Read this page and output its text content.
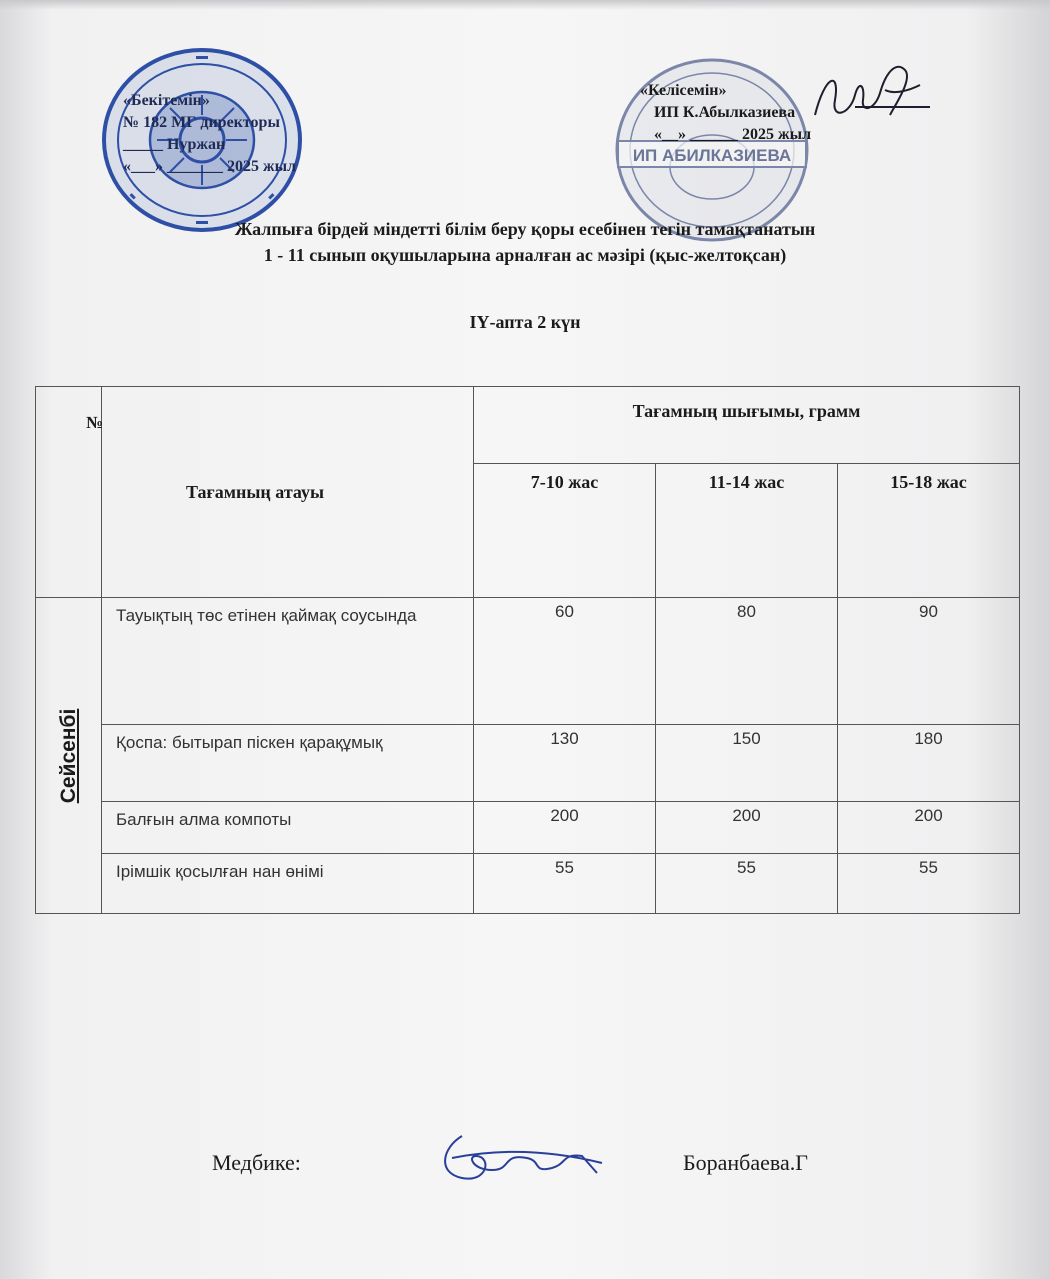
ИП АБИЛКАЗИЕВА
«Бекітемін»
№ 182 МГ директоры
_____ Нуржан
«___» _______ 2025 жыл
«Келісемін»
ИП К.Абылказиева
«__» ______ 2025 жыл
Жалпыға бірдей міндетті білім беру қоры есебінен тегін тамақтанатын
1 - 11 сынып оқушыларына арналған ас мәзірі (қыс-желтоқсан)
IҮ-апта 2 күн
№	Тағамның атауы	Тағамның шығымы, грамм		
		7-10 жас	11-14 жас	15-18 жас

Сейсенбі	Тауықтың төс етінен қаймақ соусында	60	80	90
	Қоспа: бытырап піскен қарақұмық	130	150	180
	Балғын алма компоты	200	200	200
	Ірімшік қосылған нан өнімі	55	55	55
Медбике:	Боранбаева.Г
